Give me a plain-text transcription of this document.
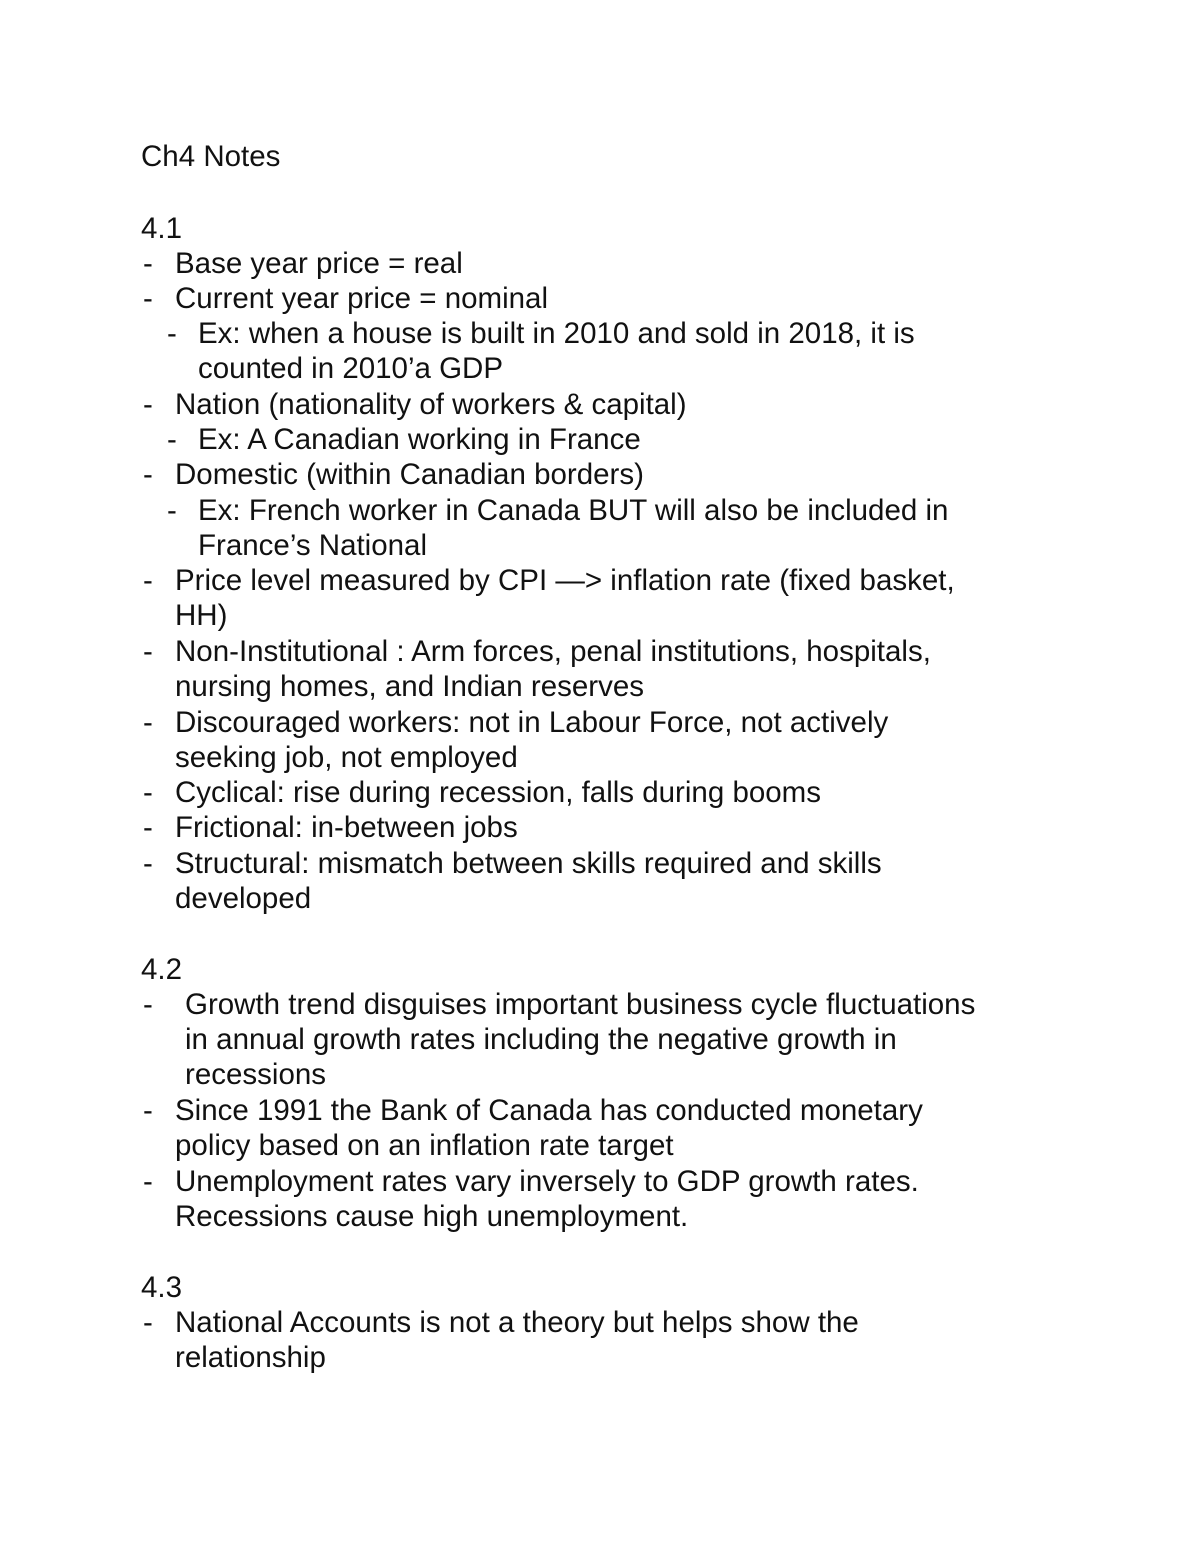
Ch4 Notes
4.1
- Base year price = real
- Current year price = nominal
- Ex: when a house is built in 2010 and sold in 2018, it is
counted in 2010’a GDP
- Nation (nationality of workers & capital)
- Ex: A Canadian working in France
- Domestic (within Canadian borders)
- Ex: French worker in Canada BUT will also be included in
France’s National
- Price level measured by CPI —> inflation rate (fixed basket,
HH)
- Non-Institutional : Arm forces, penal institutions, hospitals,
nursing homes, and Indian reserves
- Discouraged workers: not in Labour Force, not actively
seeking job, not employed
- Cyclical: rise during recession, falls during booms
- Frictional: in-between jobs
- Structural: mismatch between skills required and skills
developed
4.2
- Growth trend disguises important business cycle fluctuations
in annual growth rates including the negative growth in
recessions
- Since 1991 the Bank of Canada has conducted monetary
policy based on an inflation rate target
- Unemployment rates vary inversely to GDP growth rates.
Recessions cause high unemployment.
4.3
- National Accounts is not a theory but helps show the
relationship
